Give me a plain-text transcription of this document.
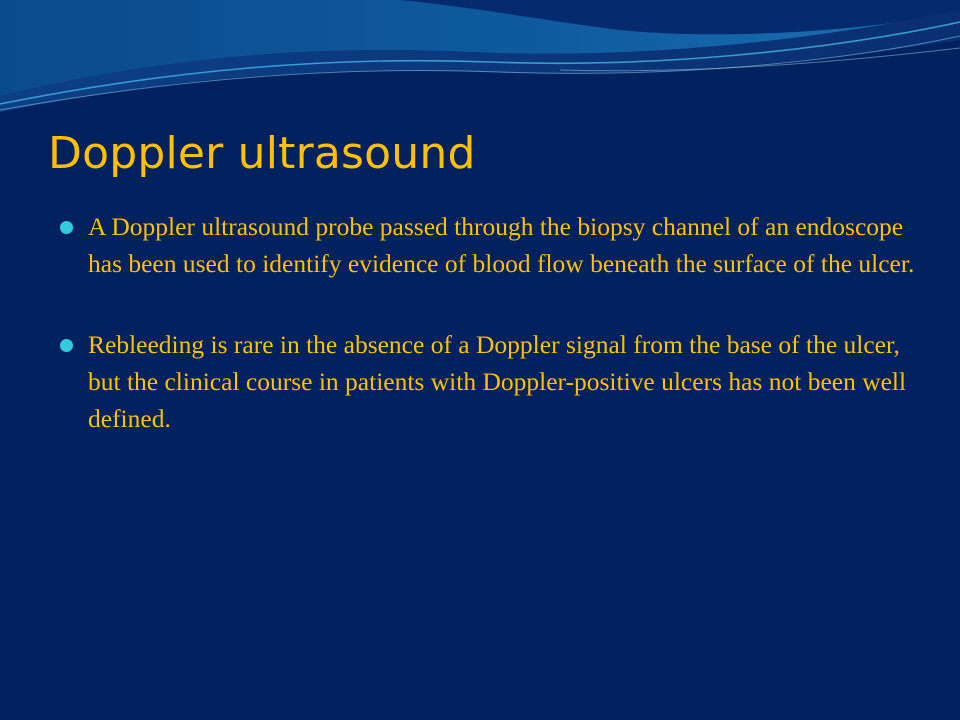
Doppler ultrasound
A Doppler ultrasound probe passed through the biopsy channel of an endoscope has been used to identify evidence of blood flow beneath the surface of the ulcer.
Rebleeding is rare in the absence of a Doppler signal from the base of the ulcer, but the clinical course in patients with Doppler-positive ulcers has not been well defined.
